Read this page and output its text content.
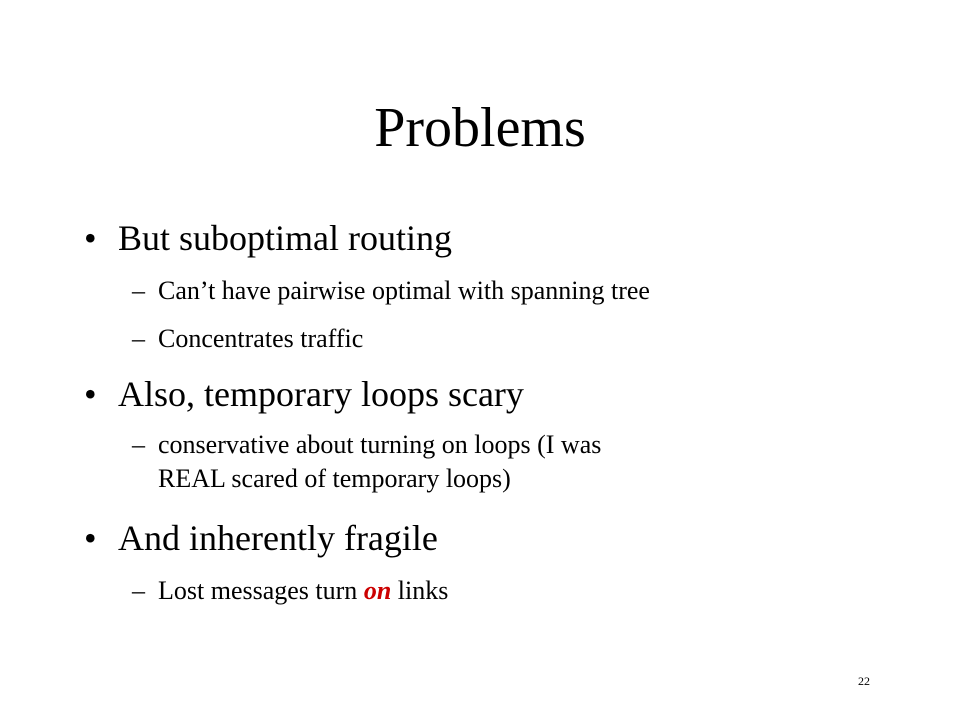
Problems
• But suboptimal routing
– Can’t have pairwise optimal with spanning tree
– Concentrates traffic
• Also, temporary loops scary
– conservative about turning on loops (I was
REAL scared of temporary loops)
• And inherently fragile
– Lost messages turn on links
22
